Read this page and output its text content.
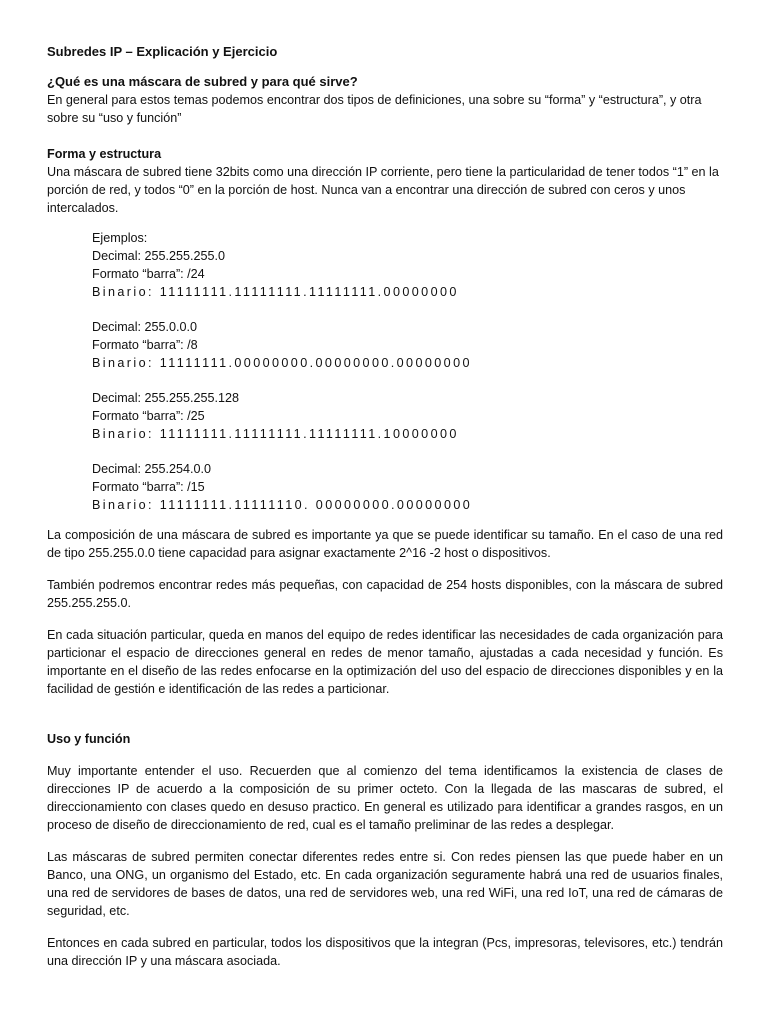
Subredes IP – Explicación y Ejercicio

¿Qué es una máscara de subred y para qué sirve?

En general para estos temas podemos encontrar dos tipos de definiciones, una sobre su “forma” y “estructura”, y otra sobre su “uso y función”

Forma y estructura

Una máscara de subred tiene 32bits como una dirección IP corriente, pero tiene la particularidad de tener todos “1” en la porción de red, y todos “0” en la porción de host. Nunca van a encontrar una dirección de subred con ceros y unos intercalados.

Ejemplos:

Decimal: 255.255.255.0

Formato “barra”: /24

Binario: 11111111.11111111.11111111.00000000

Decimal: 255.0.0.0

Formato “barra”: /8

Binario: 11111111.00000000.00000000.00000000

Decimal: 255.255.255.128

Formato “barra”: /25

Binario: 11111111.11111111.11111111.10000000

Decimal: 255.254.0.0

Formato “barra”: /15

Binario: 11111111.11111110. 00000000.00000000

La composición de una máscara de subred es importante ya que se puede identificar su tamaño. En el caso de una red de tipo 255.255.0.0 tiene capacidad para asignar exactamente 2^16 -2 host o dispositivos.

También podremos encontrar redes más pequeñas, con capacidad de 254 hosts disponibles, con la máscara de subred 255.255.255.0.

En cada situación particular, queda en manos del equipo de redes identificar las necesidades de cada organización para particionar el espacio de direcciones general en redes de menor tamaño, ajustadas a cada necesidad y función. Es importante en el diseño de las redes enfocarse en la optimización del uso del espacio de direcciones disponibles y en la facilidad de gestión e identificación de las redes a particionar.

Uso y función

Muy importante entender el uso. Recuerden que al comienzo del tema identificamos la existencia de clases de direcciones IP de acuerdo a la composición de su primer octeto. Con la llegada de las mascaras de subred, el direccionamiento con clases quedo en desuso practico. En general es utilizado para identificar a grandes rasgos, en un proceso de diseño de direccionamiento de red, cual es el tamaño preliminar de las redes a desplegar.

Las máscaras de subred permiten conectar diferentes redes entre si. Con redes piensen las que puede haber en un Banco, una ONG, un organismo del Estado, etc. En cada organización seguramente habrá una red de usuarios finales, una red de servidores de bases de datos, una red de servidores web, una red WiFi, una red IoT, una red de cámaras de seguridad, etc.

Entonces en cada subred en particular, todos los dispositivos que la integran (Pcs, impresoras, televisores, etc.) tendrán una dirección IP y una máscara asociada.
